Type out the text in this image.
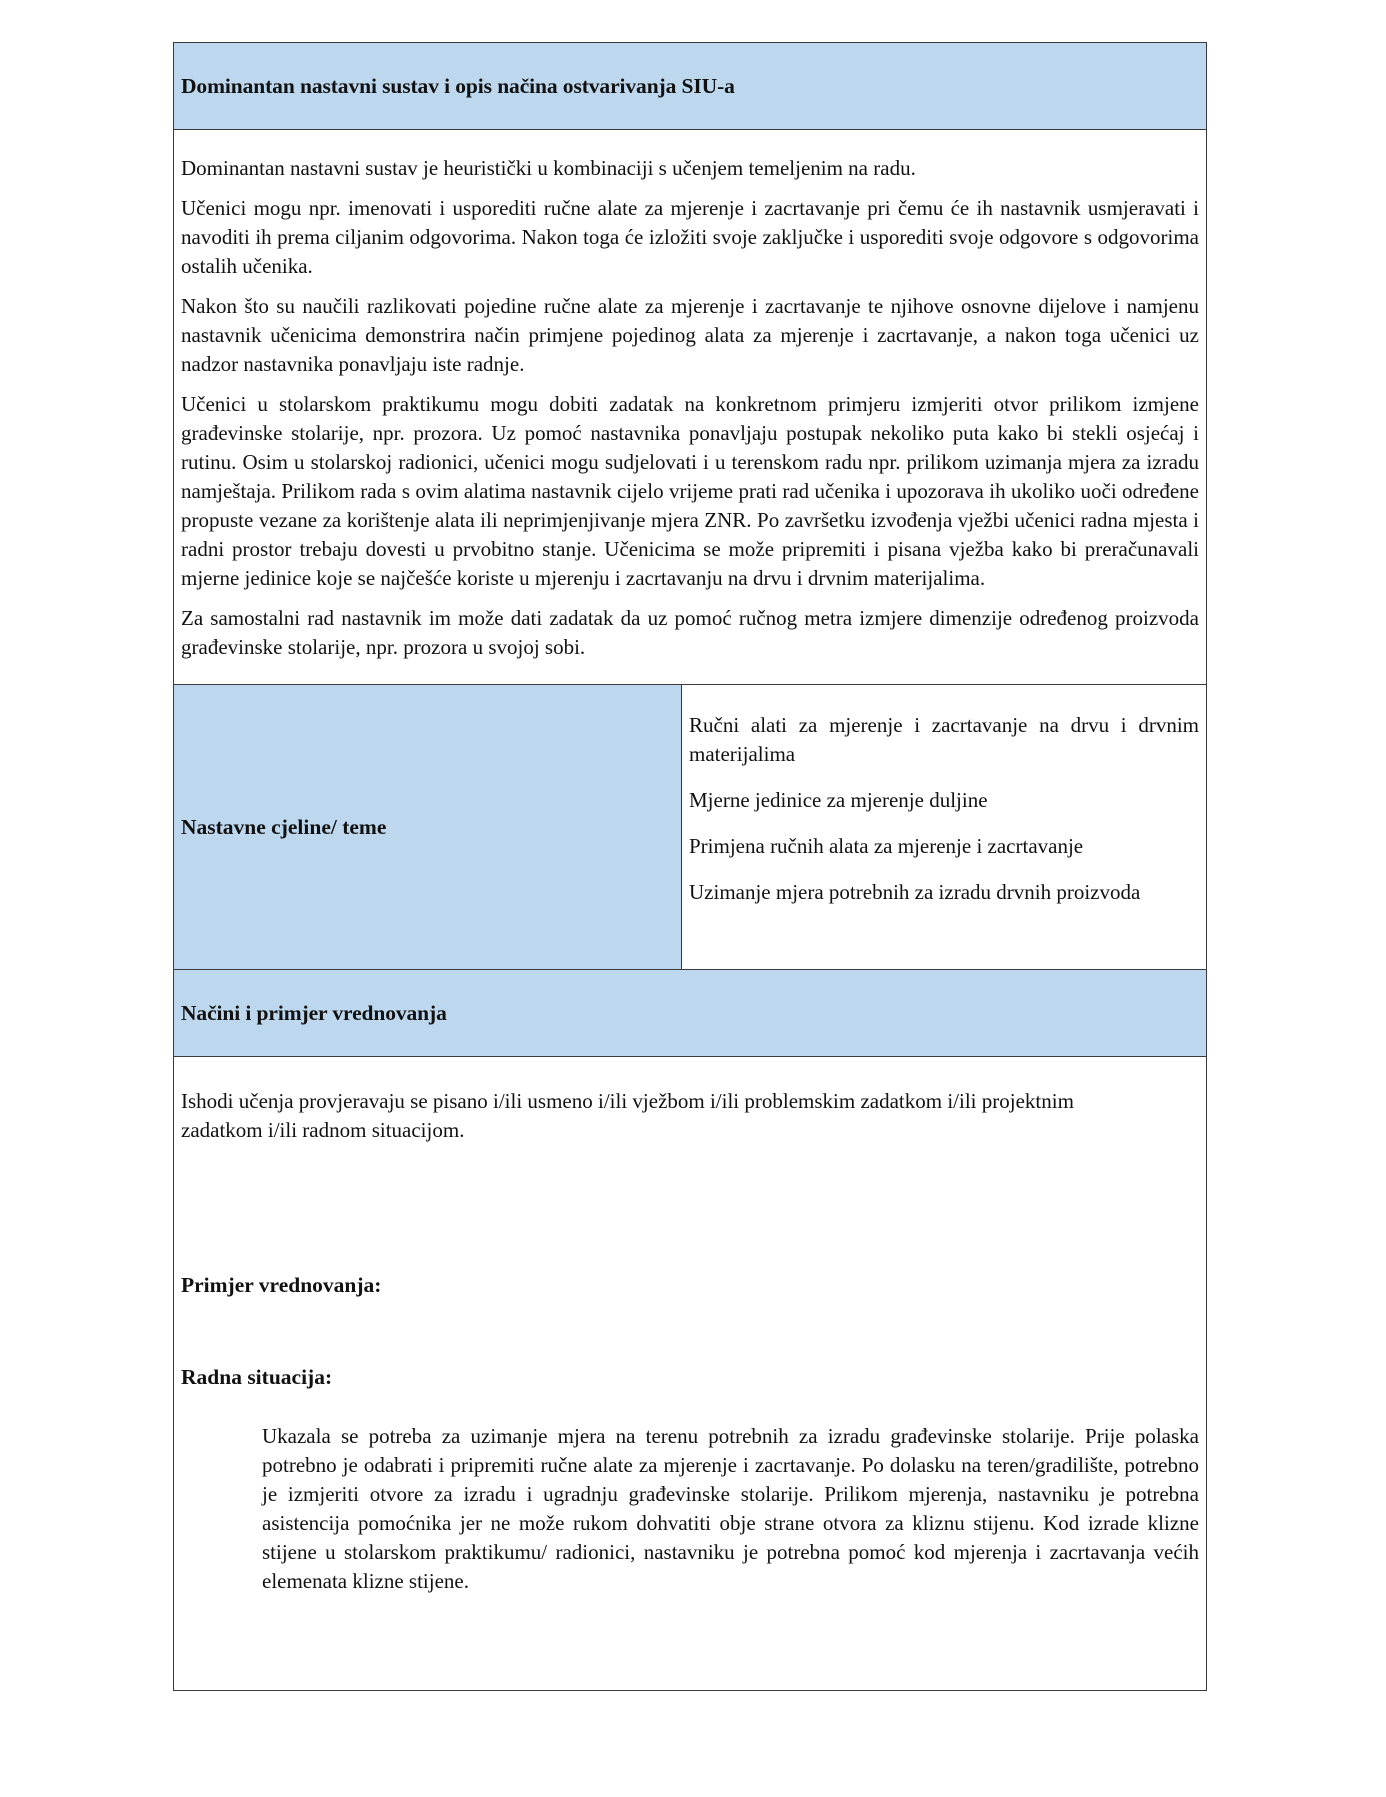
Dominantan nastavni sustav i opis načina ostvarivanja SIU-a

Dominantan nastavni sustav je heuristički u kombinaciji s učenjem temeljenim na radu.

Učenici mogu npr. imenovati i usporediti ručne alate za mjerenje i zacrtavanje pri čemu će ih nastavnik usmjeravati i navoditi ih prema ciljanim odgovorima. Nakon toga će izložiti svoje zaključke i usporediti svoje odgovore s odgovorima ostalih učenika.

Nakon što su naučili razlikovati pojedine ručne alate za mjerenje i zacrtavanje te njihove osnovne dijelove i namjenu nastavnik učenicima demonstrira način primjene pojedinog alata za mjerenje i zacrtavanje, a nakon toga učenici uz nadzor nastavnika ponavljaju iste radnje.

Učenici u stolarskom praktikumu mogu dobiti zadatak na konkretnom primjeru izmjeriti otvor prilikom izmjene građevinske stolarije, npr. prozora. Uz pomoć nastavnika ponavljaju postupak nekoliko puta kako bi stekli osjećaj i rutinu. Osim u stolarskoj radionici, učenici mogu sudjelovati i u terenskom radu npr. prilikom uzimanja mjera za izradu namještaja. Prilikom rada s ovim alatima nastavnik cijelo vrijeme prati rad učenika i upozorava ih ukoliko uoči određene propuste vezane za korištenje alata ili neprimjenjivanje mjera ZNR. Po završetku izvođenja vježbi učenici radna mjesta i radni prostor trebaju dovesti u prvobitno stanje. Učenicima se može pripremiti i pisana vježba kako bi preračunavali mjerne jedinice koje se najčešće koriste u mjerenju i zacrtavanju na drvu i drvnim materijalima.

Za samostalni rad nastavnik im može dati zadatak da uz pomoć ručnog metra izmjere dimenzije određenog proizvoda građevinske stolarije, npr. prozora u svojoj sobi.

Nastavne cjeline/ teme

Ručni alati za mjerenje i zacrtavanje na drvu i drvnim materijalima

Mjerne jedinice za mjerenje duljine

Primjena ručnih alata za mjerenje i zacrtavanje

Uzimanje mjera potrebnih za izradu drvnih proizvoda

Načini i primjer vrednovanja

Ishodi učenja provjeravaju se pisano i/ili usmeno i/ili vježbom i/ili problemskim zadatkom i/ili projektnim zadatkom i/ili radnom situacijom.

Primjer vrednovanja:
Radna situacija:

Ukazala se potreba za uzimanje mjera na terenu potrebnih za izradu građevinske stolarije. Prije polaska potrebno je odabrati i pripremiti ručne alate za mjerenje i zacrtavanje. Po dolasku na teren/gradilište, potrebno je izmjeriti otvore za izradu i ugradnju građevinske stolarije. Prilikom mjerenja, nastavniku je potrebna asistencija pomoćnika jer ne može rukom dohvatiti obje strane otvora za kliznu stijenu. Kod izrade klizne stijene u stolarskom praktikumu/ radionici, nastavniku je potrebna pomoć kod mjerenja i zacrtavanja većih elemenata klizne stijene.
